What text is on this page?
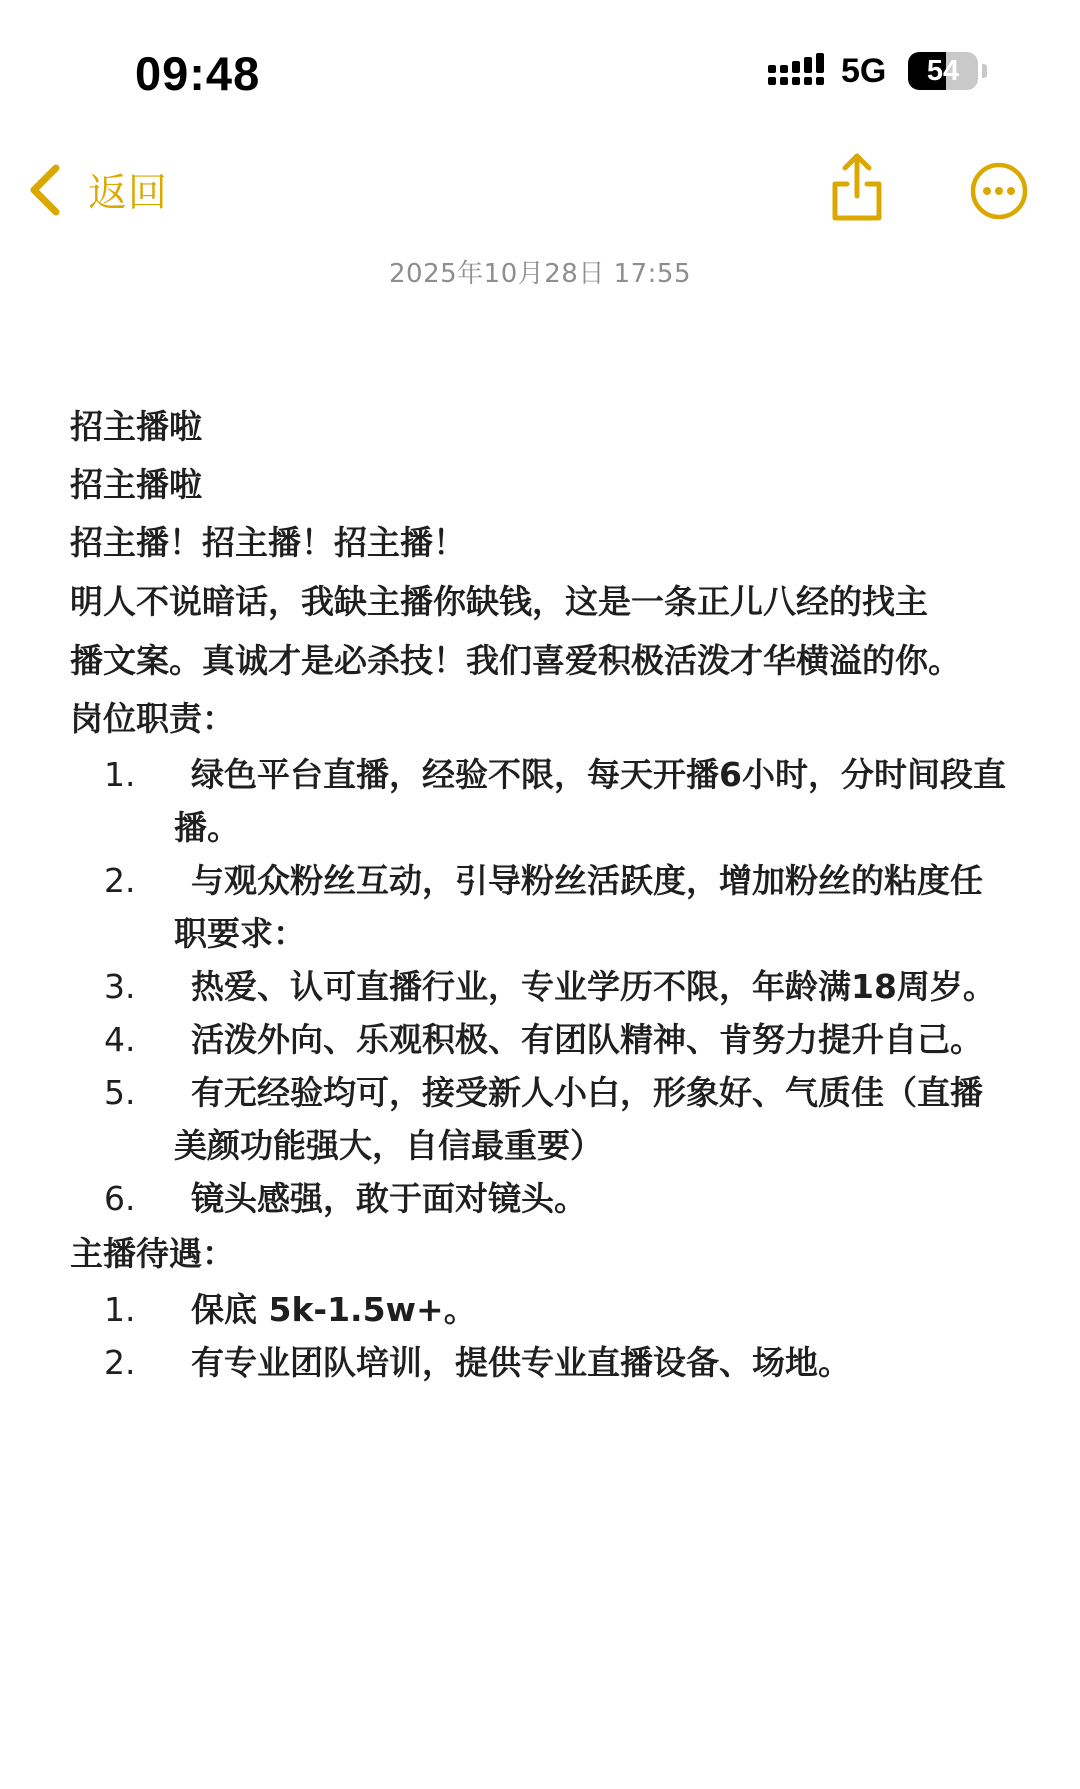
09:48	5G	54
返回
2025年10月28日 17:55
招主播啦
招主播啦
招主播！招主播！招主播！
明人不说暗话，我缺主播你缺钱，这是一条正儿八经的找主
播文案。真诚才是必杀技！我们喜爱积极活泼才华横溢的你。
岗位职责：
1.	绿色平台直播，经验不限，每天开播6小时，分时间段直播。
2.	与观众粉丝互动，引导粉丝活跃度，增加粉丝的粘度任职要求：
3.	热爱、认可直播行业，专业学历不限，年龄满18周岁。
4.	活泼外向、乐观积极、有团队精神、肯努力提升自己。
5.	有无经验均可，接受新人小白，形象好、气质佳（直播美颜功能强大，自信最重要）
6.	镜头感强，敢于面对镜头。
主播待遇：
1.	保底 5k-1.5w+。
2.	有专业团队培训，提供专业直播设备、场地。
